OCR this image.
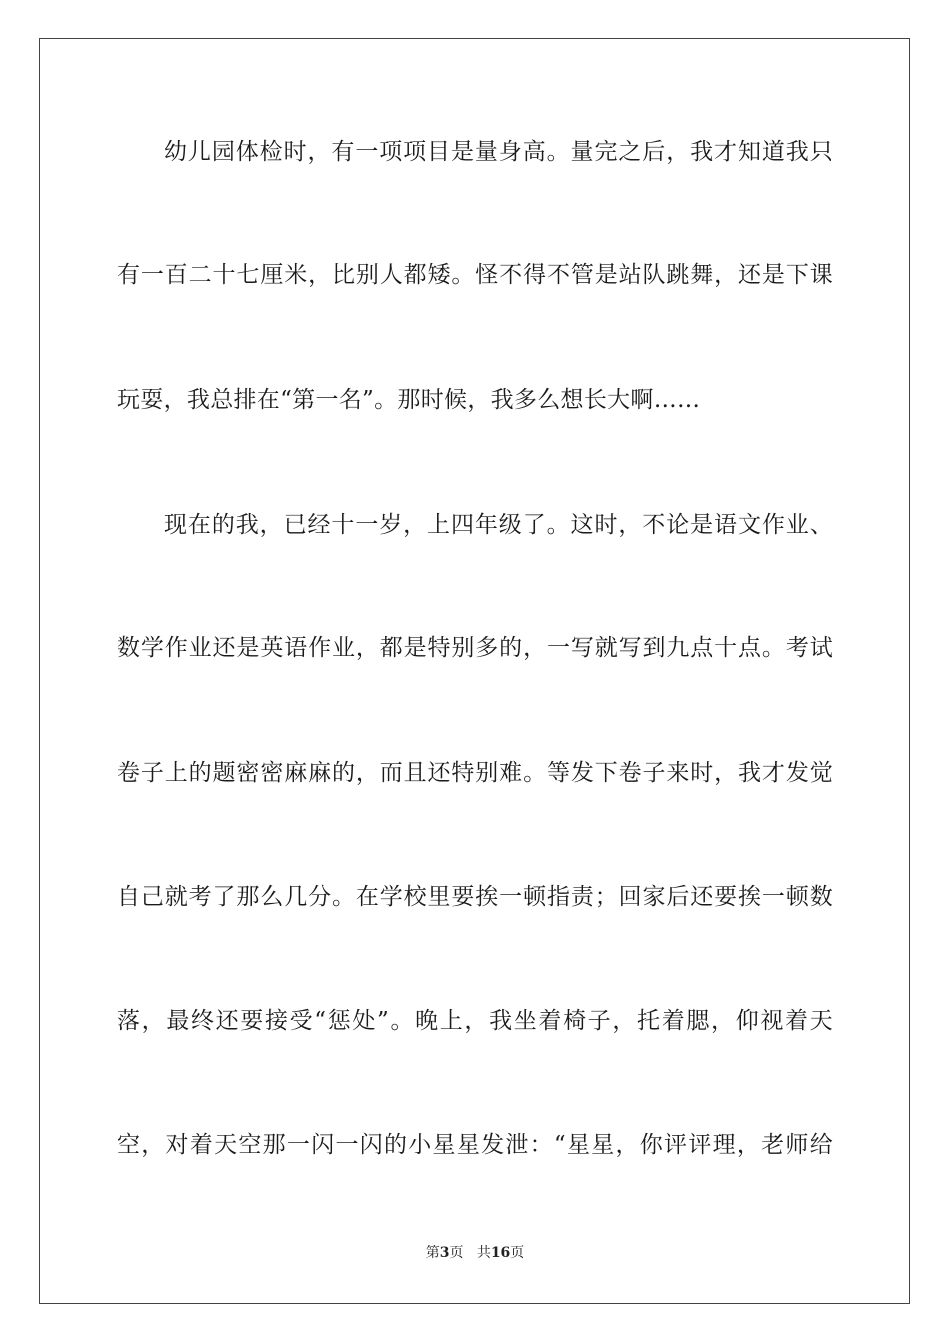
幼儿园体检时，有一项项目是量身高。量完之后，我才知道我只
有一百二十七厘米，比别人都矮。怪不得不管是站队跳舞，还是下课
玩耍，我总排在“第一名”。那时候，我多么想长大啊……
现在的我，已经十一岁，上四年级了。这时，不论是语文作业、
数学作业还是英语作业，都是特别多的，一写就写到九点十点。考试
卷子上的题密密麻麻的，而且还特别难。等发下卷子来时，我才发觉
自己就考了那么几分。在学校里要挨一顿指责；回家后还要挨一顿数
落，最终还要接受“惩处”。晚上，我坐着椅子，托着腮，仰视着天
空，对着天空那一闪一闪的小星星发泄：“星星，你评评理，老师给
第3页 共16页
